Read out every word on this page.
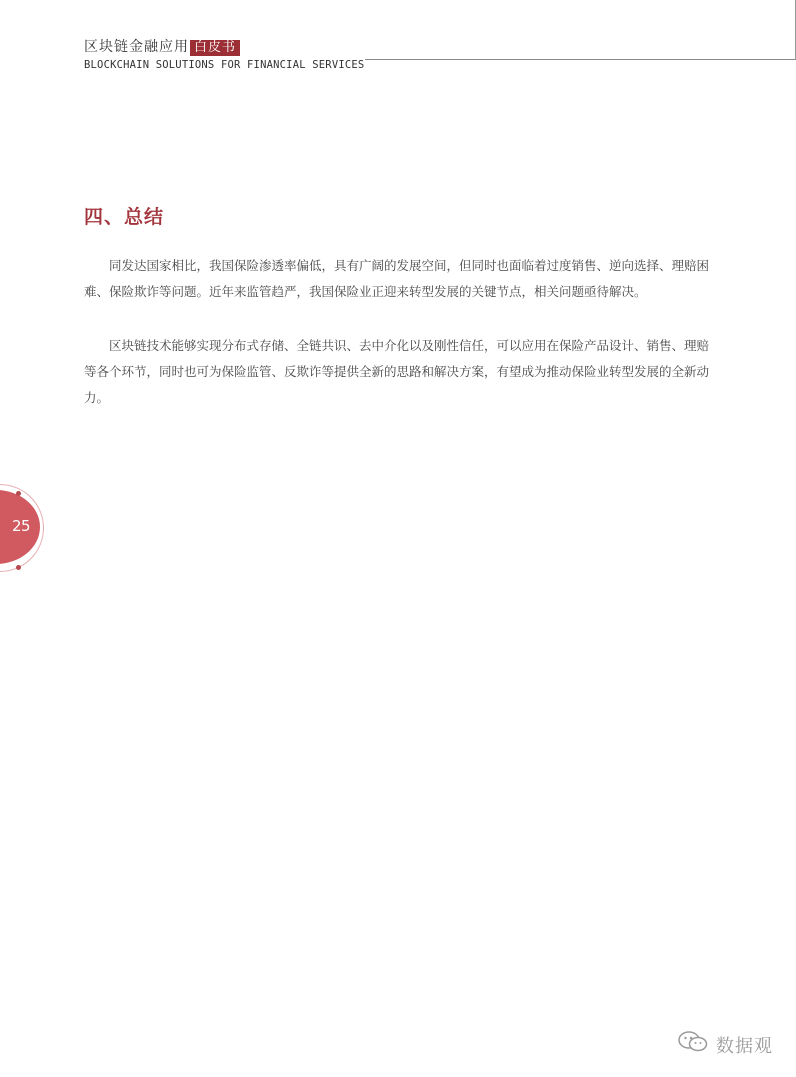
区块链金融应用 白皮书
BLOCKCHAIN SOLUTIONS FOR FINANCIAL SERVICES
四、总结

同发达国家相比，我国保险渗透率偏低，具有广阔的发展空间，但同时也面临着过度销售、逆向选择、理赔困难、保险欺诈等问题。近年来监管趋严，我国保险业正迎来转型发展的关键节点，相关问题亟待解决。

区块链技术能够实现分布式存储、全链共识、去中介化以及刚性信任，可以应用在保险产品设计、销售、理赔等各个环节，同时也可为保险监管、反欺诈等提供全新的思路和解决方案，有望成为推动保险业转型发展的全新动力。

25
数据观
